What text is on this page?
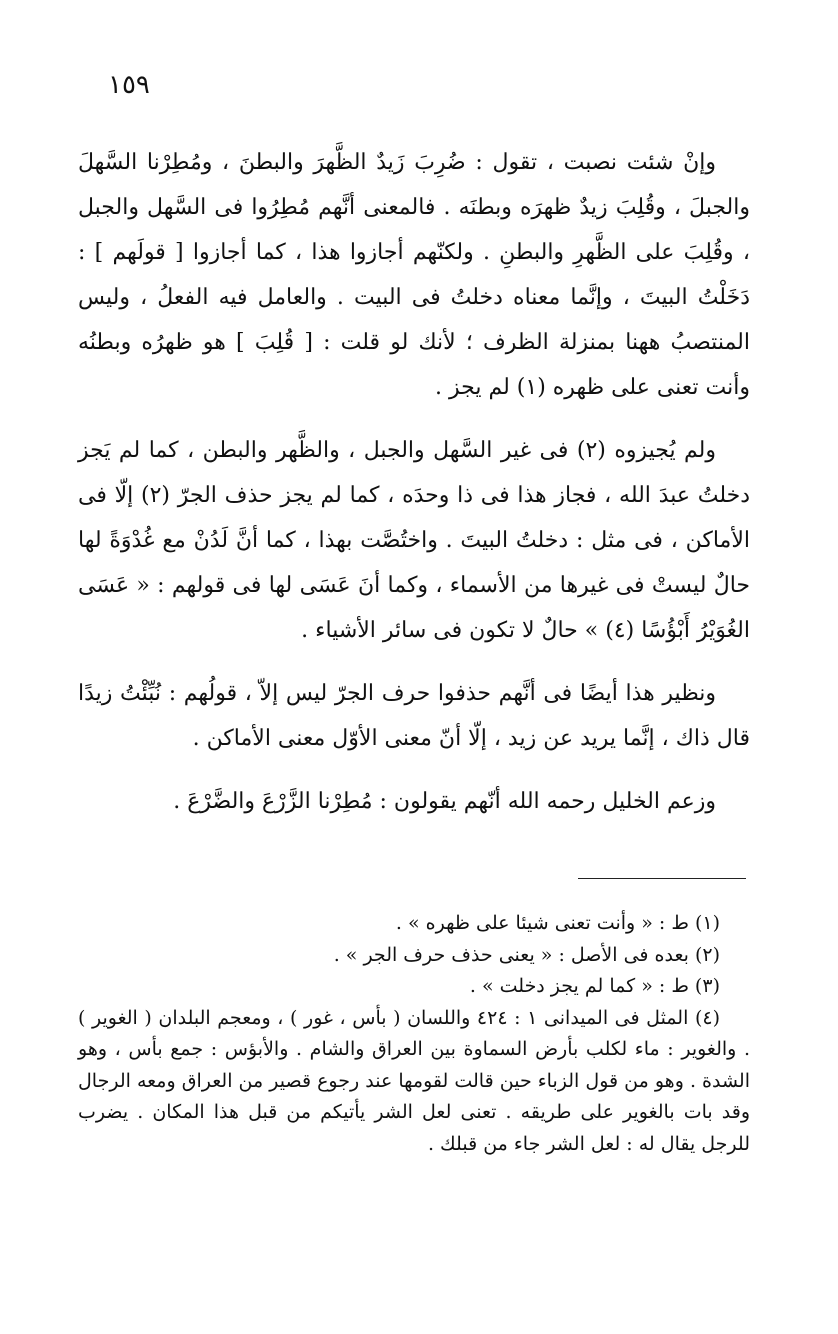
١٥٩

وإنْ شئت نصبت ، تقول : ضُرِبَ زَيدٌ الظَّهرَ والبطنَ ، ومُطِرْنا السَّهلَ والجبلَ ، وقُلِبَ زيدٌ ظهرَه وبطنَه . فالمعنى أنَّهم مُطِرُوا فى السَّهل والجبل ، وقُلِبَ على الظَّهرِ والبطنِ . ولكنّهم أجازوا هذا ، كما أجازوا [ قولَهم ] : دَخَلْتُ البيتَ ، وإنَّما معناه دخلتُ فى البيت . والعامل فيه الفعلُ ، وليس المنتصبُ ههنا بمنزلة الظرف ؛ لأنك لو قلت : [ قُلِبَ ] هو ظهرُه وبطنُه وأنت تعنى على ظهره (١) لم يجز .

ولم يُجيزوه (٢) فى غير السَّهل والجبل ، والظَّهر والبطن ، كما لم يَجز دخلتُ عبدَ الله ، فجاز هذا فى ذا وحدَه ، كما لم يجز حذف الجرّ (٢) إلّا فى الأماكن ، فى مثل : دخلتُ البيتَ . واختُصَّت بهذا ، كما أنَّ لَدُنْ مع غُدْوَةً لها حالٌ ليستْ فى غيرها من الأسماء ، وكما أنَ عَسَى لها فى قولهم : « عَسَى الغُوَيْرُ أَبْؤُسًا (٤) » حالٌ لا تكون فى سائر الأشياء .

ونظير هذا أيضًا فى أنَّهم حذفوا حرف الجرّ ليس إلاّ ، قولُهم : نُبِّئْتُ زيدًا قال ذاك ، إنَّما يريد عن زيد ، إلّا أنّ معنى الأوّل معنى الأماكن .

وزعم الخليل رحمه الله أنّهم يقولون : مُطِرْنا الزَّرْعَ والضَّرْعَ .

(١) ط : « وأنت تعنى شيئا على ظهره » .

(٢) بعده فى الأصل : « يعنى حذف حرف الجر » .

(٣) ط : « كما لم يجز دخلت » .

(٤) المثل فى الميدانى ١ : ٤٢٤ واللسان ( بأس ، غور ) ، ومعجم البلدان ( الغوير ) . والغوير : ماء لكلب بأرض السماوة بين العراق والشام . والأبؤس : جمع بأس ، وهو الشدة . وهو من قول الزباء حين قالت لقومها عند رجوع قصير من العراق ومعه الرجال وقد بات بالغوير على طريقه . تعنى لعل الشر يأتيكم من قبل هذا المكان . يضرب للرجل يقال له : لعل الشر جاء من قبلك .
